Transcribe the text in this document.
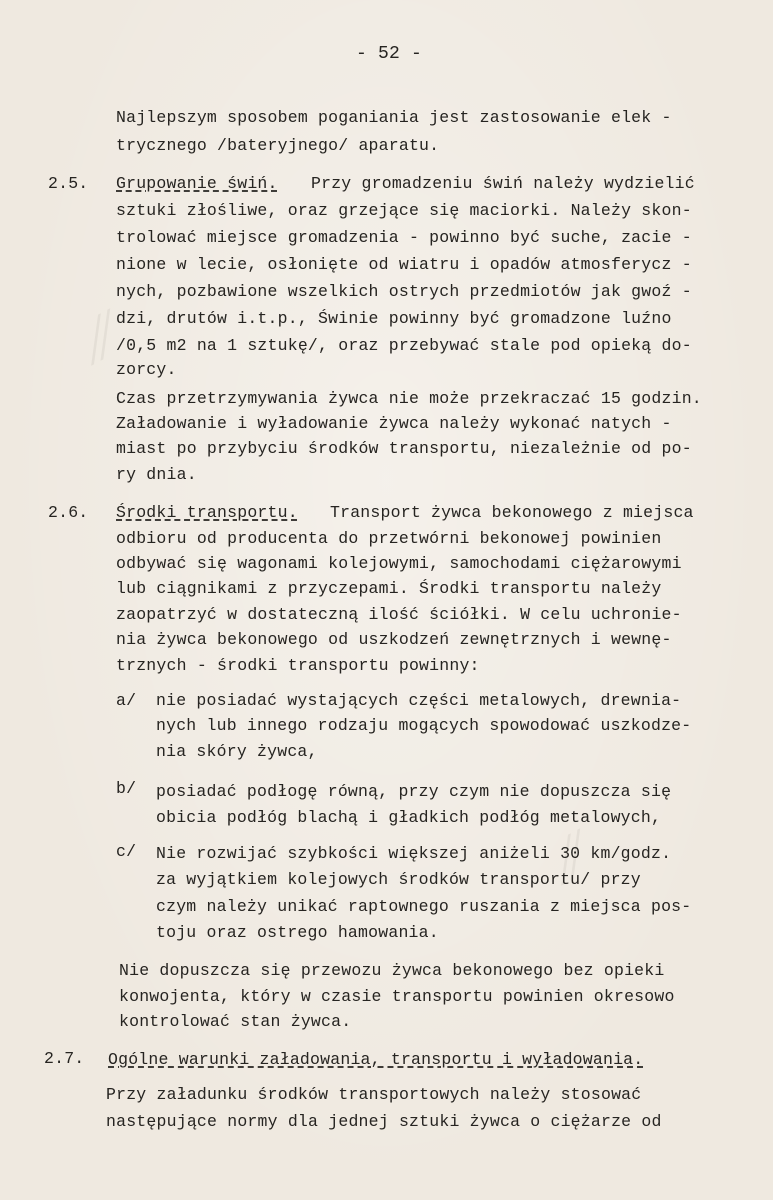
⁄⁄
⁄⁄
- 52 -
Najlepszym sposobem poganiania jest zastosowanie elek -
trycznego /bateryjnego/ aparatu.
2.5. Grupowanie świń. Przy gromadzeniu świń należy wydzielić
sztuki złośliwe, oraz grzejące się maciorki. Należy skon-
trolować miejsce gromadzenia - powinno być suche, zacie -
nione w lecie, osłonięte od wiatru i opadów atmosferycz -
nych, pozbawione wszelkich ostrych przedmiotów jak gwoź -
dzi, drutów i.t.p., Świnie powinny być gromadzone luźno
/0,5 m2 na 1 sztukę/, oraz przebywać stale pod opieką do-
zorcy.
Czas przetrzymywania żywca nie może przekraczać 15 godzin.
Załadowanie i wyładowanie żywca należy wykonać natych -
miast po przybyciu środków transportu, niezależnie od po-
ry dnia.
2.6. Środki transportu. Transport żywca bekonowego z miejsca
odbioru od producenta do przetwórni bekonowej powinien
odbywać się wagonami kolejowymi, samochodami ciężarowymi
lub ciągnikami z przyczepami. Środki transportu należy
zaopatrzyć w dostateczną ilość ściółki. W celu uchronie-
nia żywca bekonowego od uszkodzeń zewnętrznych i wewnę-
trznych - środki transportu powinny:
a/ nie posiadać wystających części metalowych, drewnia-
nych lub innego rodzaju mogących spowodować uszkodze-
nia skóry żywca,
b/ posiadać podłogę równą, przy czym nie dopuszcza się
obicia podłóg blachą i gładkich podłóg metalowych,
c/ Nie rozwijać szybkości większej aniżeli 30 km/godz.
za wyjątkiem kolejowych środków transportu/ przy
czym należy unikać raptownego ruszania z miejsca pos-
toju oraz ostrego hamowania.
Nie dopuszcza się przewozu żywca bekonowego bez opieki
konwojenta, który w czasie transportu powinien okresowo
kontrolować stan żywca.
2.7. Ogólne warunki załadowania, transportu i wyładowania.
Przy załadunku środków transportowych należy stosować
następujące normy dla jednej sztuki żywca o ciężarze od
